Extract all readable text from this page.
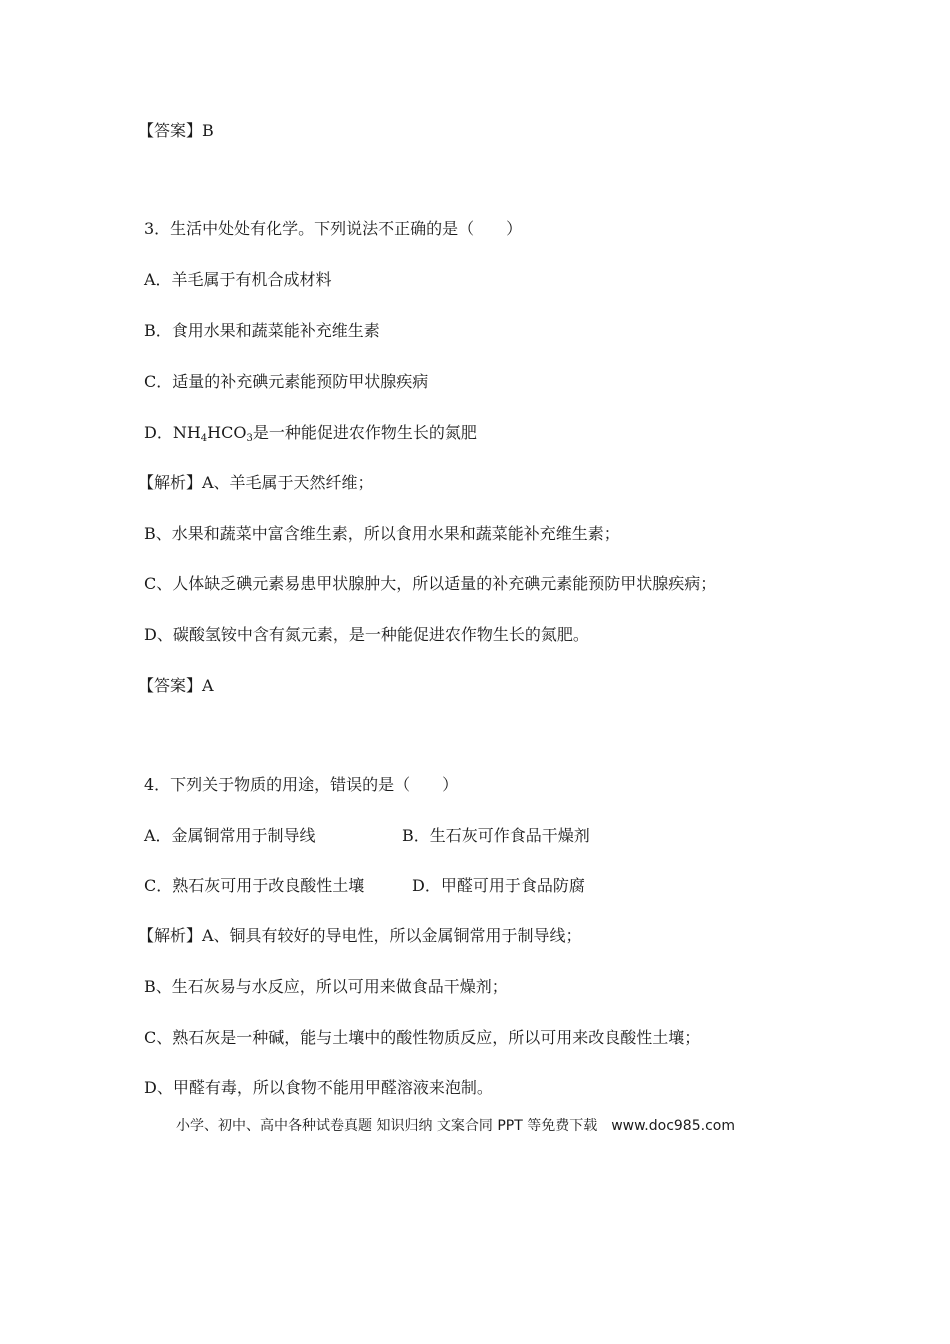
【答案】B
3．生活中处处有化学。下列说法不正确的是（　　）
A．羊毛属于有机合成材料
B．食用水果和蔬菜能补充维生素
C．适量的补充碘元素能预防甲状腺疾病
D．$NH_4HCO_3$是一种能促进农作物生长的氮肥
【解析】A、羊毛属于天然纤维；
B、水果和蔬菜中富含维生素，所以食用水果和蔬菜能补充维生素；
C、人体缺乏碘元素易患甲状腺肿大，所以适量的补充碘元素能预防甲状腺疾病；
D、碳酸氢铵中含有氮元素，是一种能促进农作物生长的氮肥。
【答案】A
4．下列关于物质的用途，错误的是（　　）
A．金属铜常用于制导线	B．生石灰可作食品干燥剂
C．熟石灰可用于改良酸性土壤	D．甲醛可用于食品防腐
【解析】A、铜具有较好的导电性，所以金属铜常用于制导线；
B、生石灰易与水反应，所以可用来做食品干燥剂；
C、熟石灰是一种碱，能与土壤中的酸性物质反应，所以可用来改良酸性土壤；
D、甲醛有毒，所以食物不能用甲醛溶液来泡制。
小学、初中、高中各种试卷真题 知识归纳 文案合同 PPT 等免费下载　www.doc985.com
